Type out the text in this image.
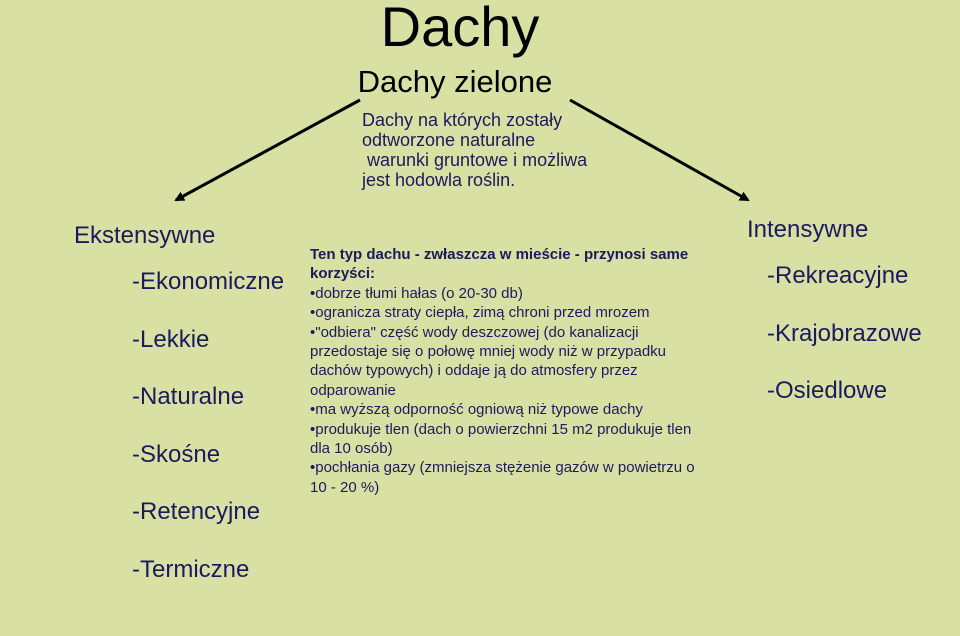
Dachy
Dachy zielone
Dachy na których zostały
odtworzone naturalne
warunki gruntowe i możliwa
jest hodowla roślin.
Ekstensywne
-Ekonomiczne
-Lekkie
-Naturalne
-Skośne
-Retencyjne
-Termiczne
Intensywne
-Rekreacyjne
-Krajobrazowe
-Osiedlowe
Ten typ dachu - zwłaszcza w mieście - przynosi same
korzyści:
•dobrze tłumi hałas (o 20-30 db)
•ogranicza straty ciepła, zimą chroni przed mrozem
•"odbiera" część wody deszczowej (do kanalizacji
przedostaje się o połowę mniej wody niż w przypadku
dachów typowych) i oddaje ją do atmosfery przez
odparowanie
•ma wyższą odporność ogniową niż typowe dachy
•produkuje tlen (dach o powierzchni 15 m2 produkuje tlen
dla 10 osób)
•pochłania gazy (zmniejsza stężenie gazów w powietrzu o
10 - 20 %)
